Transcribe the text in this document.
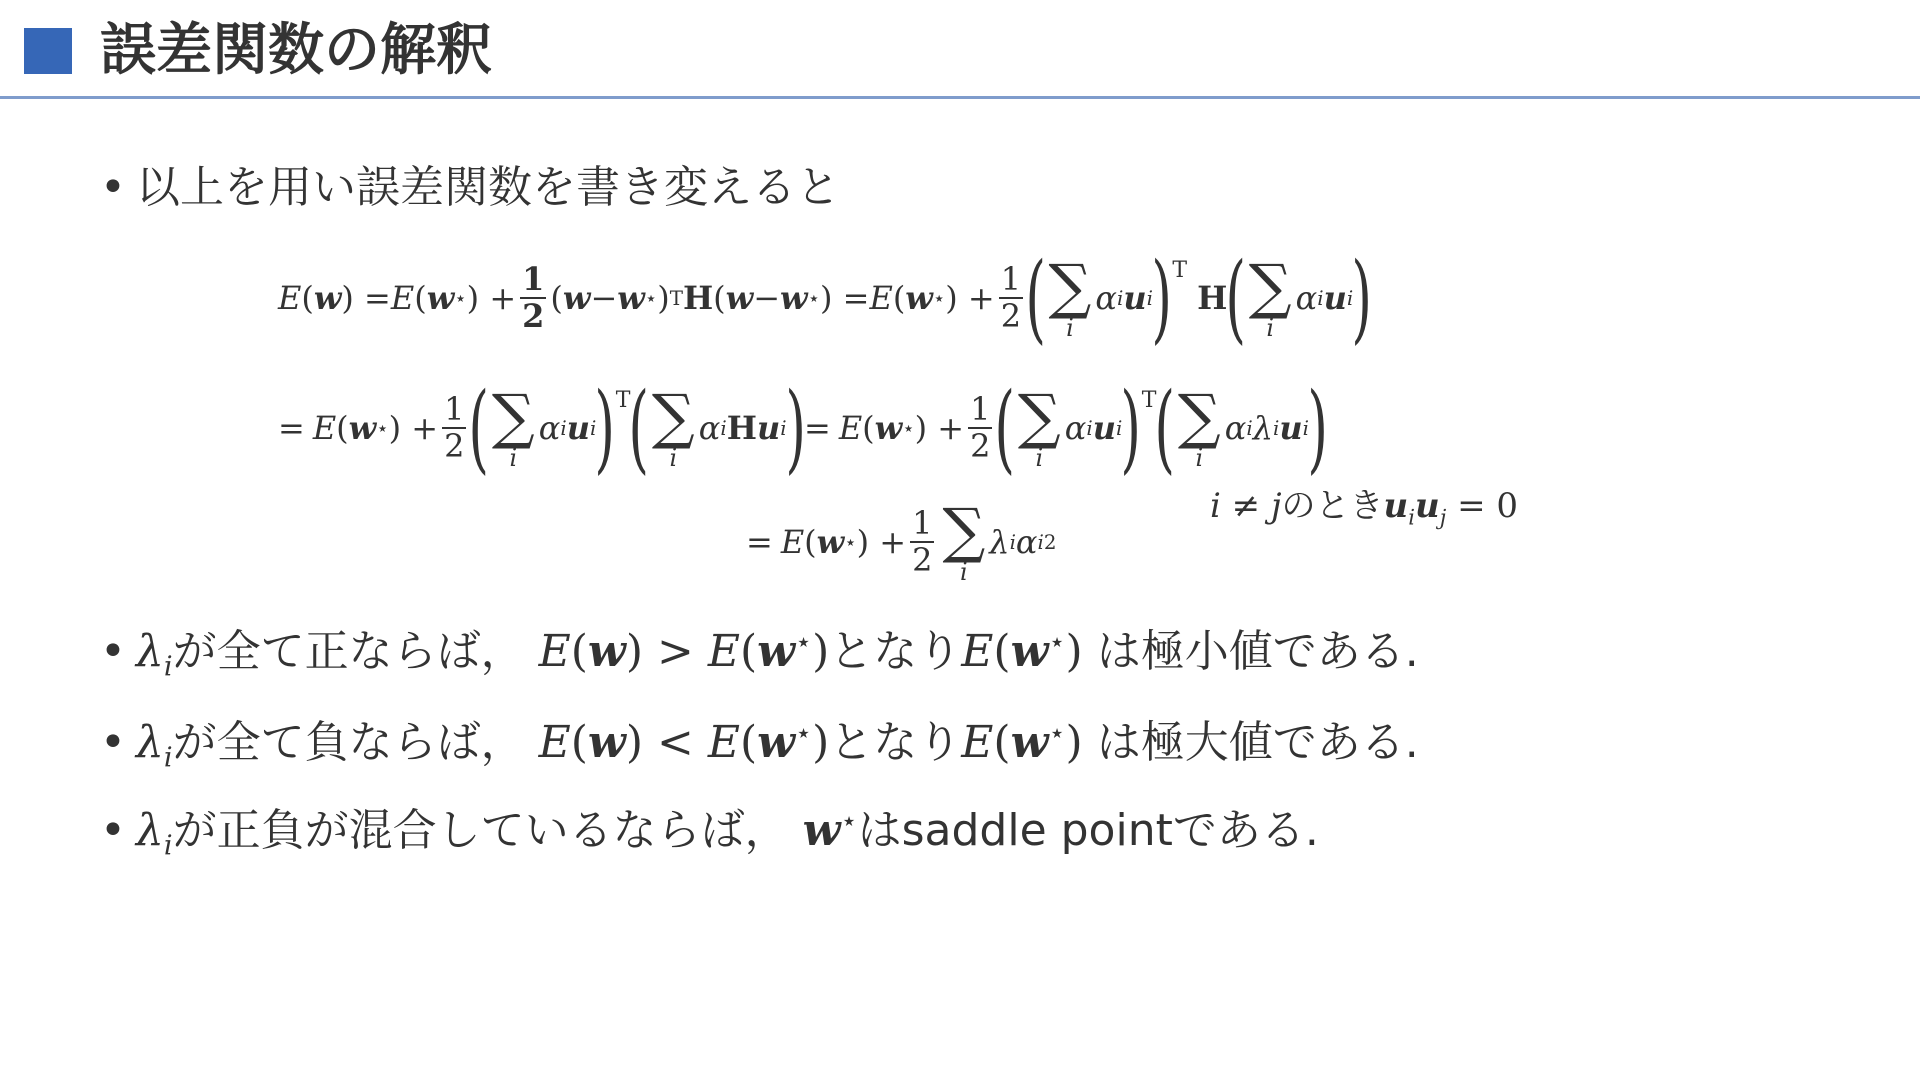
誤差関数の解釈
• 以上を用い誤差関数を書き変えると
E ( w ) = E ( w ⋆ ) + $\frac{1}{2}$ ( w − w ⋆ ) T H ( w − w ⋆ ) = E ( w ⋆ ) + $\frac{1}{2}$ ( ∑
i
α i u i
) T
H
( ∑
i
α i u i
)
= E ( w ⋆ ) + $\frac{1}{2}$ ( ∑
i
α i u i
) T
( ∑
i
α i H u i
)
= E ( w ⋆ ) + $\frac{1}{2}$ ( ∑
i
α i u i
) T
( ∑
i
α i λ i u i
)
= E ( w ⋆ ) + $\frac{1}{2}$ ∑
i
λ i α i 2
i ≠ jのとき$u_iu_j = 0$
• $\lambda_i$が全て正ならば， E(w) > E(w⋆)となりE(w⋆) は極小値である.
• $\lambda_i$が全て負ならば， E(w) < E(w⋆)となりE(w⋆) は極大値である.
• $\lambda_i$が正負が混合しているならば， w⋆はsaddle pointである.
